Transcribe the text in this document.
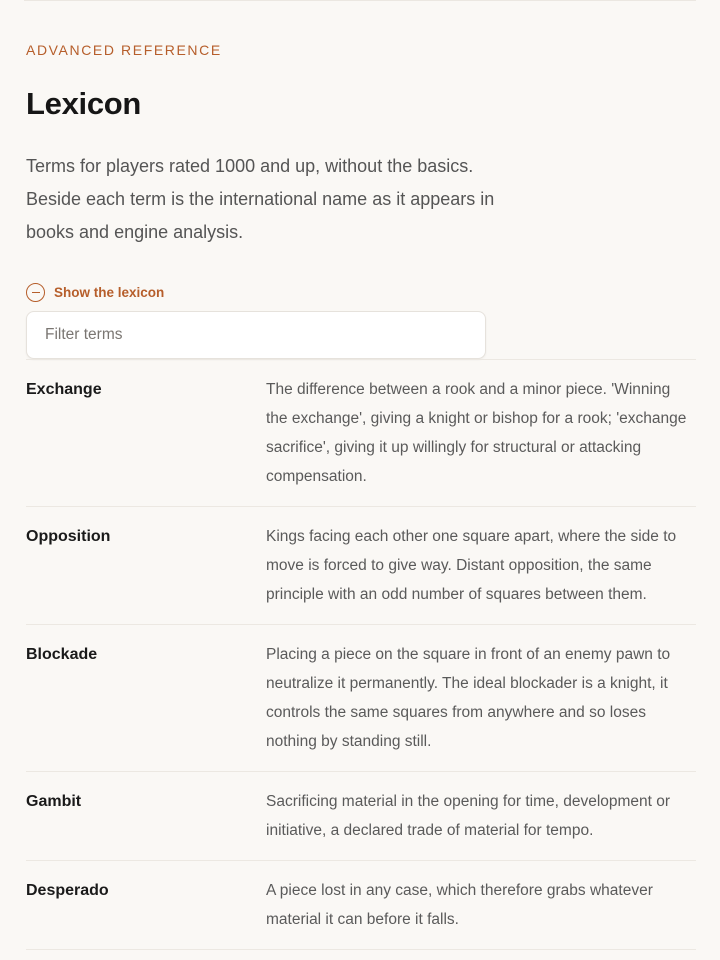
ADVANCED REFERENCE
Lexicon

Terms for players rated 1000 and up, without the basics. Beside each term is the international name as it appears in books and engine analysis.

Show the lexicon
Filter terms
Exchange	The difference between a rook and a minor piece. 'Winning the exchange', giving a knight or bishop for a rook; 'exchange sacrifice', giving it up willingly for structural or attacking compensation.

Opposition	Kings facing each other one square apart, where the side to move is forced to give way. Distant opposition, the same principle with an odd number of squares between them.

Blockade	Placing a piece on the square in front of an enemy pawn to neutralize it permanently. The ideal blockader is a knight, it controls the same squares from anywhere and so loses nothing by standing still.

Gambit	Sacrificing material in the opening for time, development or initiative, a declared trade of material for tempo.

Desperado	A piece lost in any case, which therefore grabs whatever material it can before it falls.
